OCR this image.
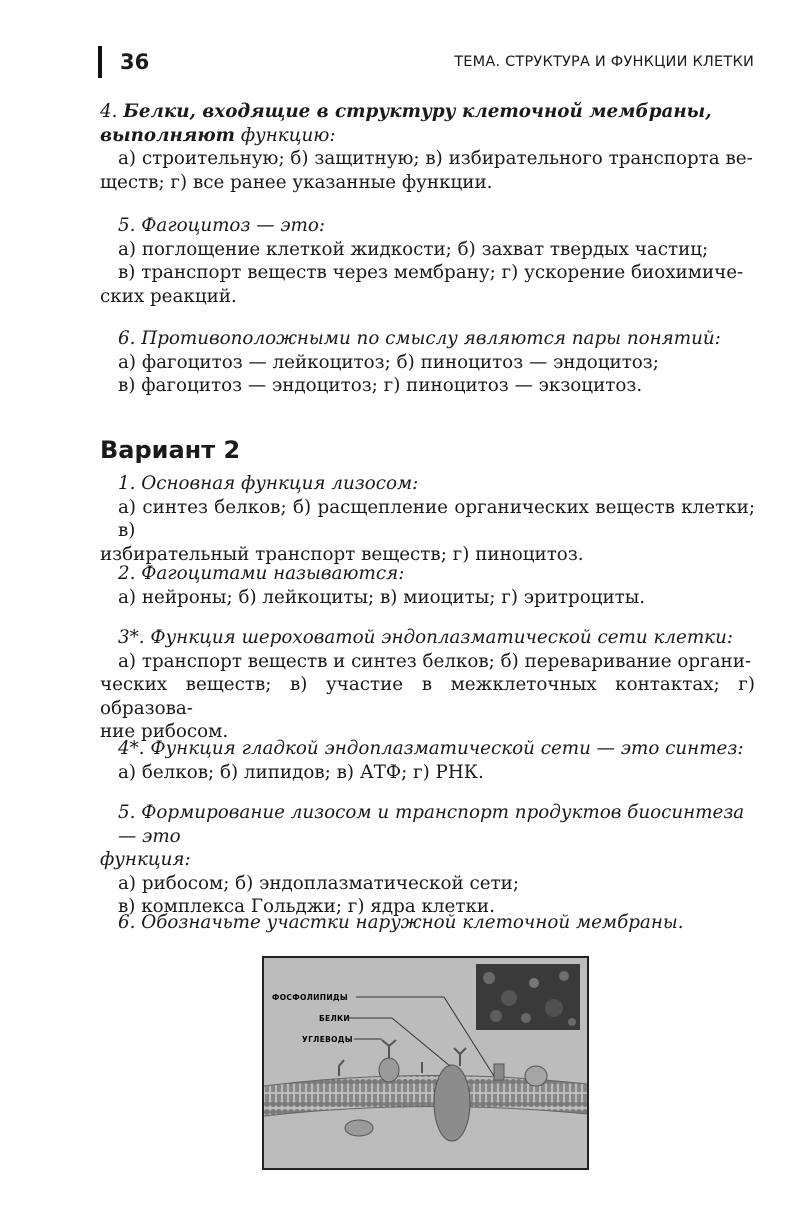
36	ТЕМА. СТРУКТУРА И ФУНКЦИИ КЛЕТКИ
4. Белки, входящие в структуру клеточной мембраны, выполняют функцию:
а) строительную; б) защитную; в) избирательного транспорта ве-
ществ; г) все ранее указанные функции.
5. Фагоцитоз — это:
а) поглощение клеткой жидкости; б) захват твердых частиц;
в) транспорт веществ через мембрану; г) ускорение биохимиче-
ских реакций.
6. Противоположными по смыслу являются пары понятий:
а) фагоцитоз — лейкоцитоз; б) пиноцитоз — эндоцитоз;
в) фагоцитоз — эндоцитоз; г) пиноцитоз — экзоцитоз.
Вариант 2
1. Основная функция лизосом:
а) синтез белков; б) расщепление органических веществ клетки; в)
избирательный транспорт веществ; г) пиноцитоз.
2. Фагоцитами называются:
а) нейроны; б) лейкоциты; в) миоциты; г) эритроциты.
3*. Функция шероховатой эндоплазматической сети клетки:
а) транспорт веществ и синтез белков; б) переваривание органи-
ческих веществ; в) участие в межклеточных контактах; г) образова-
ние рибосом.
4*. Функция гладкой эндоплазматической сети — это синтез:
а) белков; б) липидов; в) АТФ; г) РНК.
5. Формирование лизосом и транспорт продуктов биосинтеза — это
функция:
а) рибосом; б) эндоплазматической сети;
в) комплекса Гольджи; г) ядра клетки.
6. Обозначьте участки наружной клеточной мембраны.
ФОСФОЛИПИДЫ
БЕЛКИ
УГЛЕВОДЫ
